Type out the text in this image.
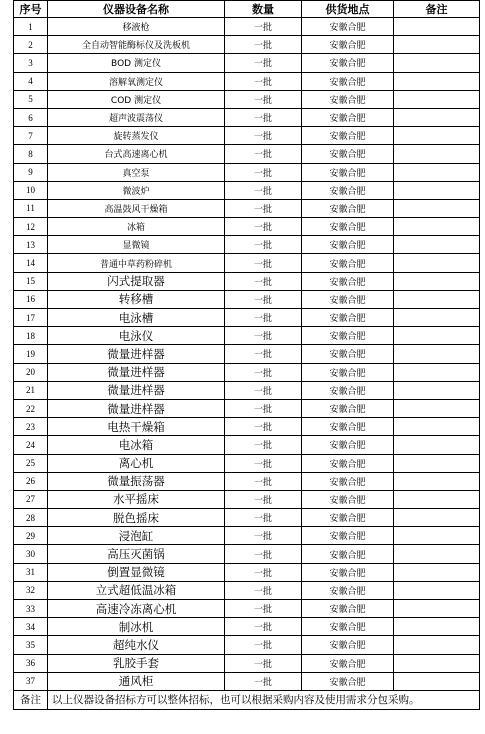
序号	仪器设备名称	数量	供货地点	备注
1	移液枪	一批	安徽合肥	
2	全自动智能酶标仪及洗板机	一批	安徽合肥	
3	BOD 测定仪	一批	安徽合肥	
4	溶解氧测定仪	一批	安徽合肥	
5	COD 测定仪	一批	安徽合肥	
6	超声波震荡仪	一批	安徽合肥	
7	旋转蒸发仪	一批	安徽合肥	
8	台式高速离心机	一批	安徽合肥	
9	真空泵	一批	安徽合肥	
10	微波炉	一批	安徽合肥	
11	高温鼓风干燥箱	一批	安徽合肥	
12	冰箱	一批	安徽合肥	
13	显微镜	一批	安徽合肥	
14	普通中草药粉碎机	一批	安徽合肥	
15	闪式提取器	一批	安徽合肥	
16	转移槽	一批	安徽合肥	
17	电泳槽	一批	安徽合肥	
18	电泳仪	一批	安徽合肥	
19	微量进样器	一批	安徽合肥	
20	微量进样器	一批	安徽合肥	
21	微量进样器	一批	安徽合肥	
22	微量进样器	一批	安徽合肥	
23	电热干燥箱	一批	安徽合肥	
24	电冰箱	一批	安徽合肥	
25	离心机	一批	安徽合肥	
26	微量振荡器	一批	安徽合肥	
27	水平摇床	一批	安徽合肥	
28	脱色摇床	一批	安徽合肥	
29	浸泡缸	一批	安徽合肥	
30	高压灭菌锅	一批	安徽合肥	
31	倒置显微镜	一批	安徽合肥	
32	立式超低温冰箱	一批	安徽合肥	
33	高速冷冻离心机	一批	安徽合肥	
34	制冰机	一批	安徽合肥	
35	超纯水仪	一批	安徽合肥	
36	乳胶手套	一批	安徽合肥	
37	通风柜	一批	安徽合肥	
备注	以上仪器设备招标方可以整体招标，也可以根据采购内容及使用需求分包采购。			
